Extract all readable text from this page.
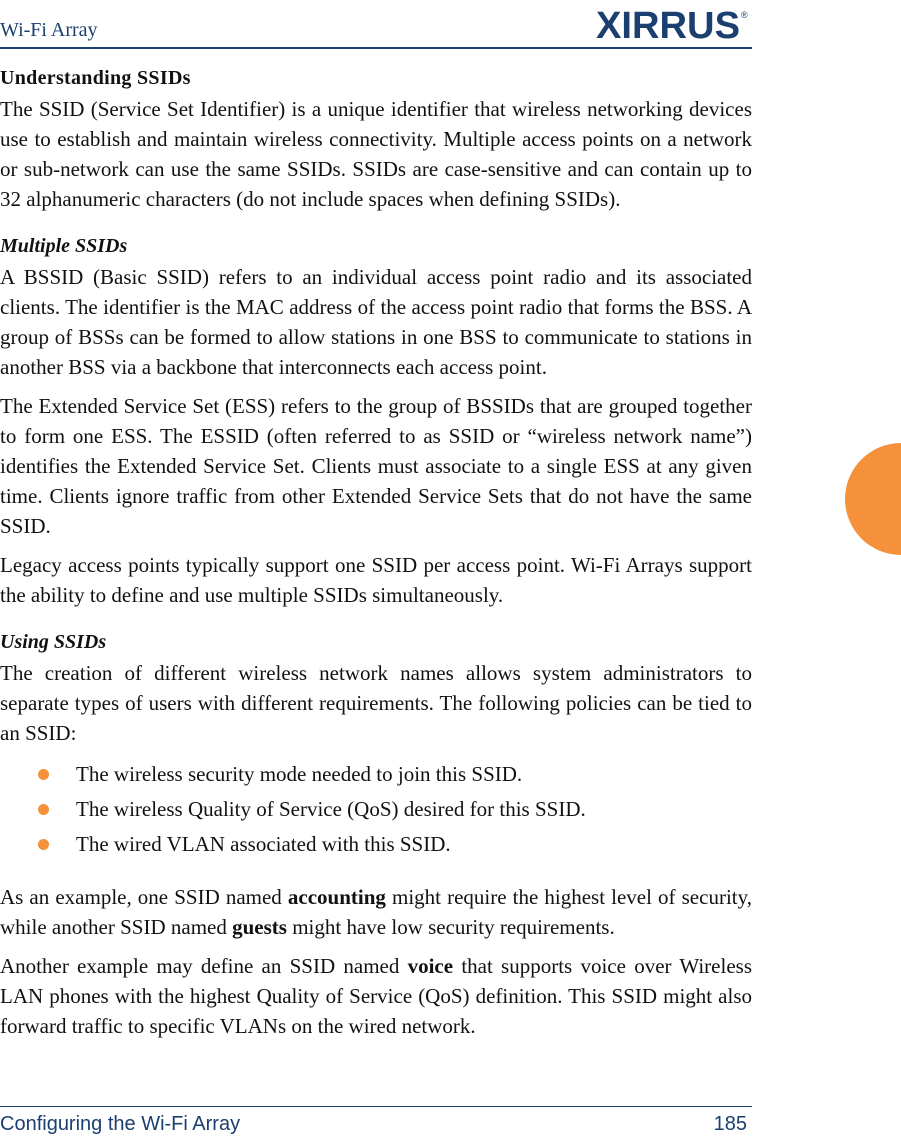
Wi-Fi Array	XIRRUS ®
Understanding SSIDs

The SSID (Service Set Identifier) is a unique identifier that wireless networking devices use to establish and maintain wireless connectivity. Multiple access points on a network or sub-network can use the same SSIDs. SSIDs are case-sensitive and can contain up to 32 alphanumeric characters (do not include spaces when defining SSIDs).

Multiple SSIDs

A BSSID (Basic SSID) refers to an individual access point radio and its associated clients. The identifier is the MAC address of the access point radio that forms the BSS. A group of BSSs can be formed to allow stations in one BSS to communicate to stations in another BSS via a backbone that interconnects each access point.

The Extended Service Set (ESS) refers to the group of BSSIDs that are grouped together to form one ESS. The ESSID (often referred to as SSID or “wireless network name”) identifies the Extended Service Set. Clients must associate to a single ESS at any given time. Clients ignore traffic from other Extended Service Sets that do not have the same SSID.

Legacy access points typically support one SSID per access point. Wi-Fi Arrays support the ability to define and use multiple SSIDs simultaneously.

Using SSIDs

The creation of different wireless network names allows system administrators to separate types of users with different requirements. The following policies can be tied to an SSID:

The wireless security mode needed to join this SSID.
The wireless Quality of Service (QoS) desired for this SSID.
The wired VLAN associated with this SSID.

As an example, one SSID named accounting might require the highest level of security, while another SSID named guests might have low security requirements.

Another example may define an SSID named voice that supports voice over Wireless LAN phones with the highest Quality of Service (QoS) definition. This SSID might also forward traffic to specific VLANs on the wired network.

Configuring the Wi-Fi Array	185
